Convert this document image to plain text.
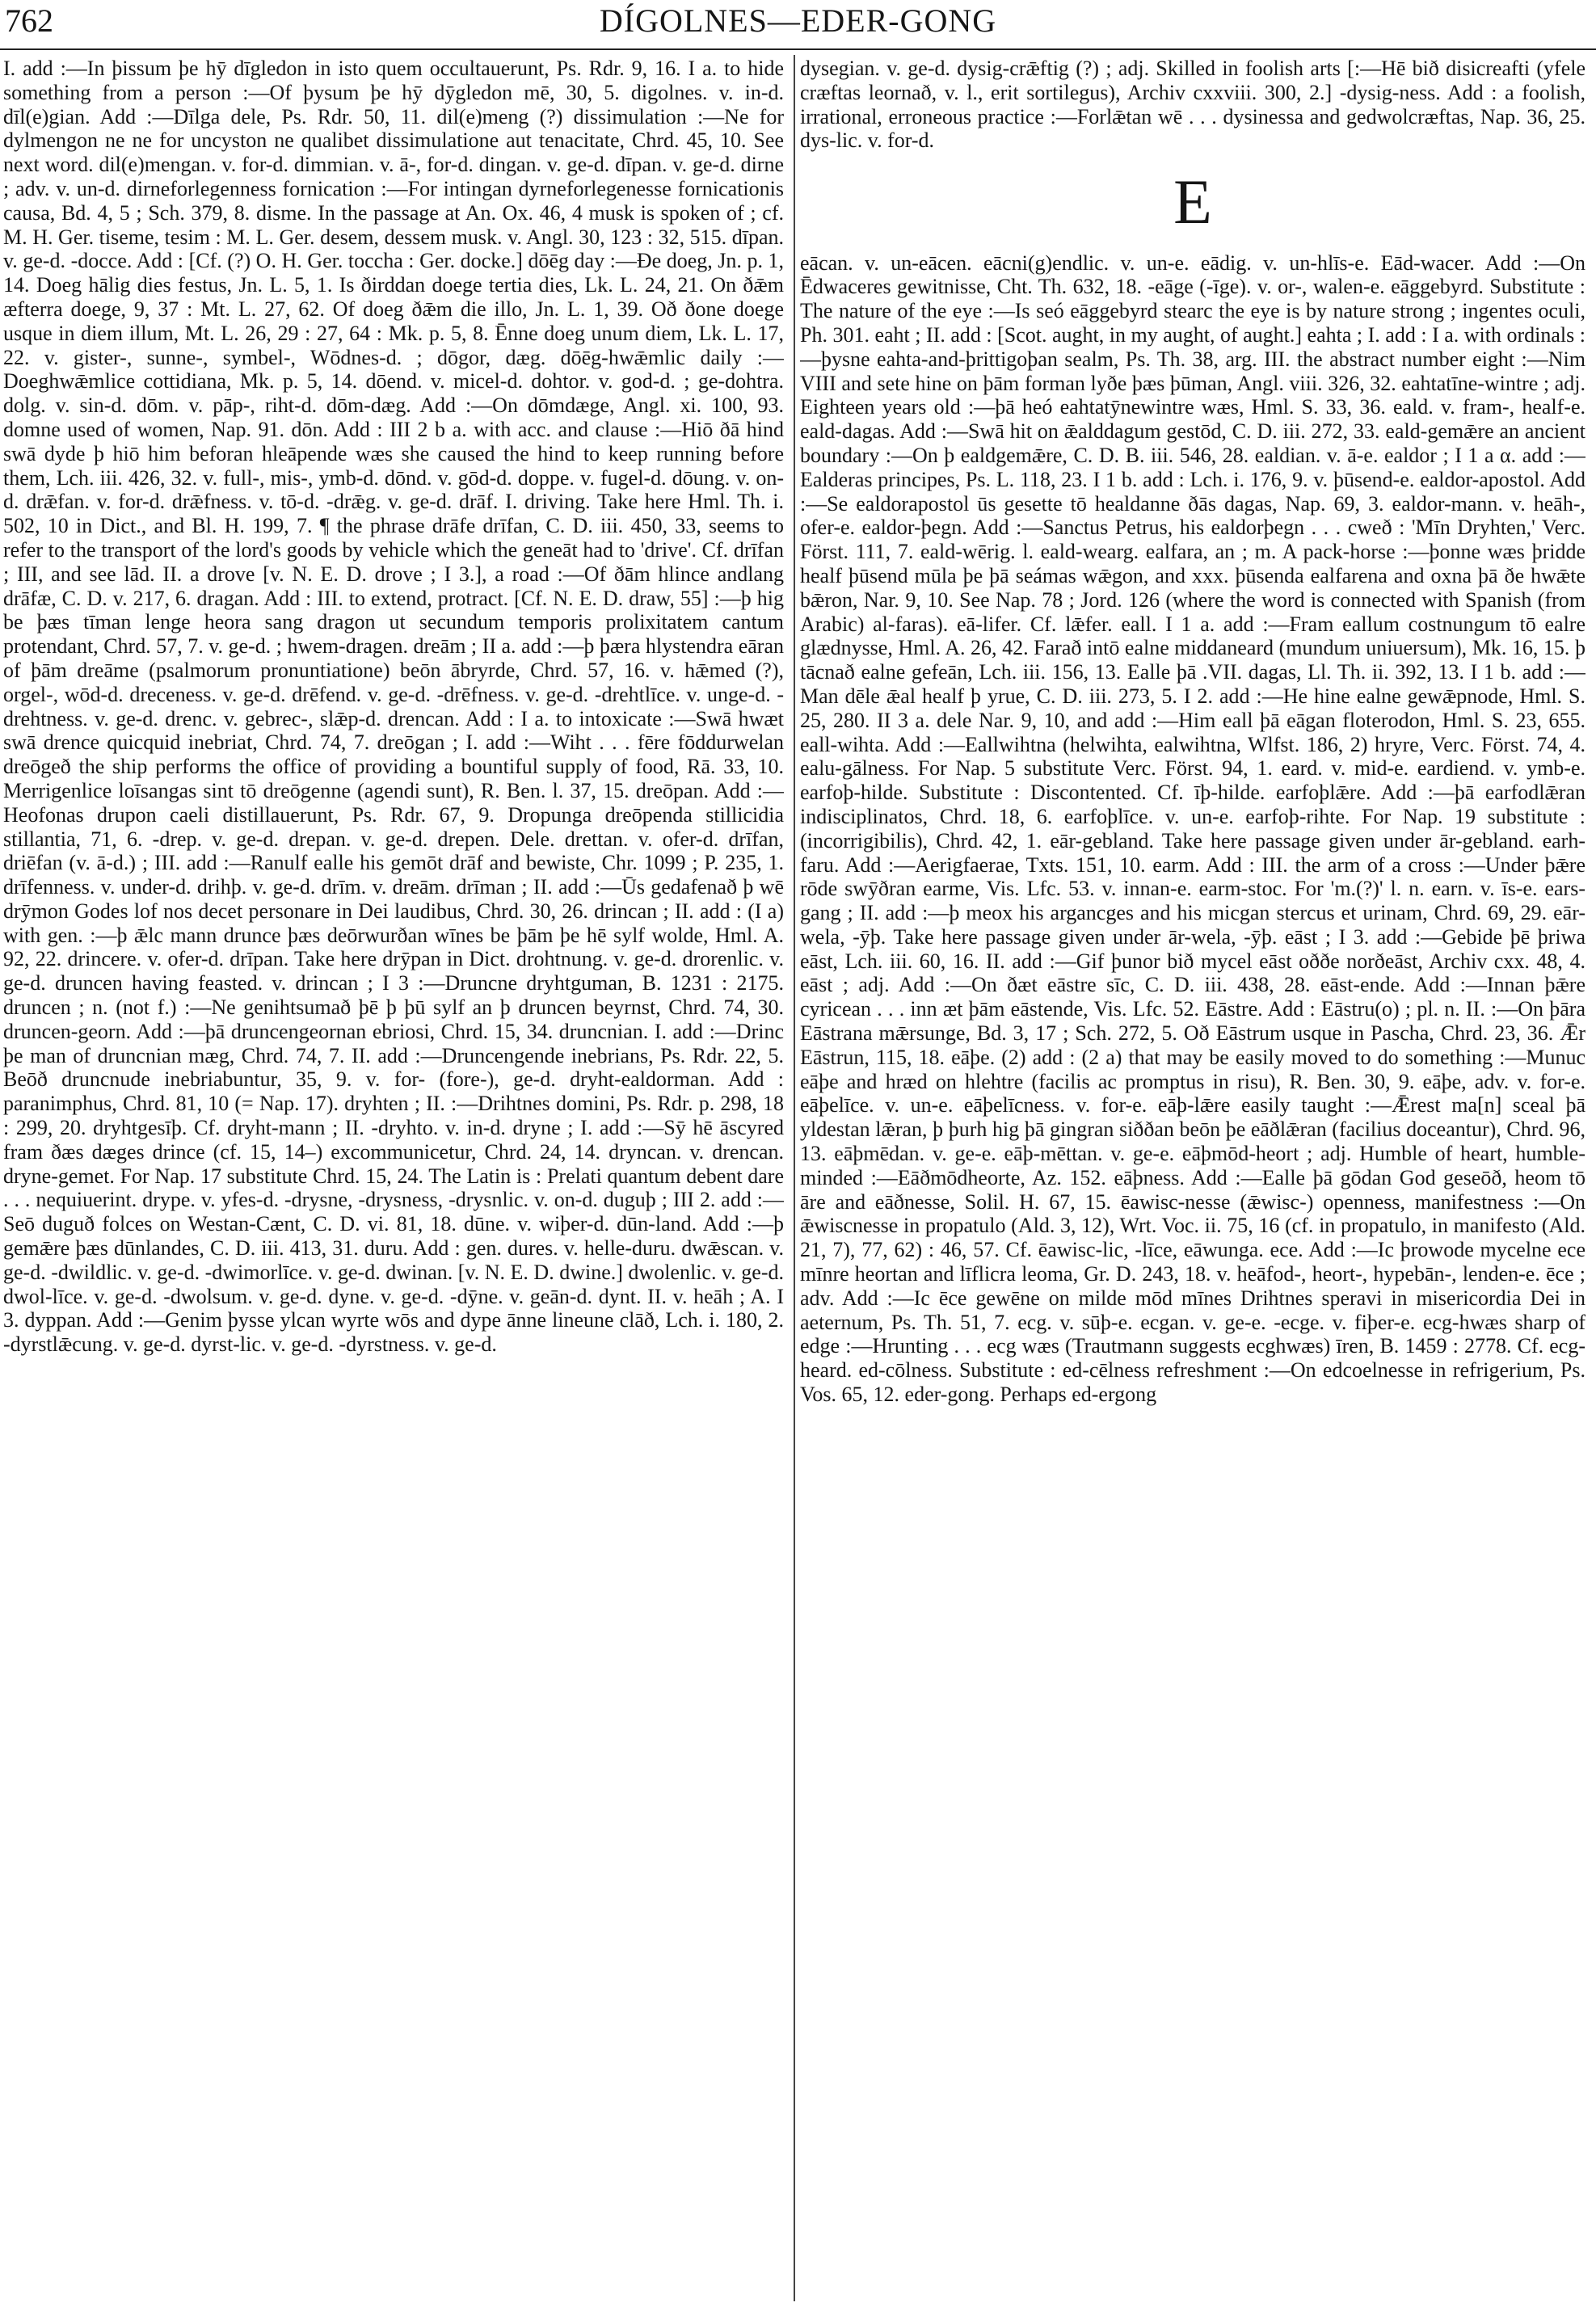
762	DÍGOLNES—EDER-GONG

I. add :—In þissum þe hȳ dīgledon in isto quem occultauerunt, Ps. Rdr. 9, 16. I a. to hide something from a person :—Of þysum þe hȳ dȳgledon mē, 30, 5. digolnes. v. in-d. dīl(e)gian. Add :—Dīlga dele, Ps. Rdr. 50, 11. dil(e)meng (?) dissimulation :—Ne for dylmengon ne ne for uncyston ne qualibet dissimulatione aut tenacitate, Chrd. 45, 10. See next word. dil(e)mengan. v. for-d. dimmian. v. ā-, for-d. dingan. v. ge-d. dīpan. v. ge-d. dirne ; adv. v. un-d. dirneforlegenness fornication :—For intingan dyrneforlegenesse fornicationis causa, Bd. 4, 5 ; Sch. 379, 8. disme. In the passage at An. Ox. 46, 4 musk is spoken of ; cf. M. H. Ger. tiseme, tesim : M. L. Ger. desem, dessem musk. v. Angl. 30, 123 : 32, 515. dīpan. v. ge-d. -docce. Add : [Cf. (?) O. H. Ger. toccha : Ger. docke.] dōēg day :—Ðe doeg, Jn. p. 1, 14. Doeg hālig dies festus, Jn. L. 5, 1. Is ðirddan doege tertia dies, Lk. L. 24, 21. On ðǣm æfterra doege, 9, 37 : Mt. L. 27, 62. Of doeg ðǣm die illo, Jn. L. 1, 39. Oð ðone doege usque in diem illum, Mt. L. 26, 29 : 27, 64 : Mk. p. 5, 8. Ēnne doeg unum diem, Lk. L. 17, 22. v. gister-, sunne-, symbel-, Wōdnes-d. ; dōgor, dæg. dōēg-hwǣmlic daily :—Doeghwǣmlice cottidiana, Mk. p. 5, 14. dōend. v. micel-d. dohtor. v. god-d. ; ge-dohtra. dolg. v. sin-d. dōm. v. pāp-, riht-d. dōm-dæg. Add :—On dōmdæge, Angl. xi. 100, 93. domne used of women, Nap. 91. dōn. Add : III 2 b a. with acc. and clause :—Hiō ðā hind swā dyde þ hiō him beforan hleāpende wæs she caused the hind to keep running before them, Lch. iii. 426, 32. v. full-, mis-, ymb-d. dōnd. v. gōd-d. doppe. v. fugel-d. dōung. v. on-d. drǣfan. v. for-d. drǣfness. v. tō-d. -drǣg. v. ge-d. drāf. I. driving. Take here Hml. Th. i. 502, 10 in Dict., and Bl. H. 199, 7. ¶ the phrase drāfe drīfan, C. D. iii. 450, 33, seems to refer to the transport of the lord's goods by vehicle which the geneāt had to 'drive'. Cf. drīfan ; III, and see lād. II. a drove [v. N. E. D. drove ; I 3.], a road :—Of ðām hlince andlang drāfæ, C. D. v. 217, 6. dragan. Add : III. to extend, protract. [Cf. N. E. D. draw, 55] :—þ hig be þæs tīman lenge heora sang dragon ut secundum temporis prolixitatem cantum protendant, Chrd. 57, 7. v. ge-d. ; hwem-dragen. dreām ; II a. add :—þ þæra hlystendra eāran of þām dreāme (psalmorum pronuntiatione) beōn ābryrde, Chrd. 57, 16. v. hǣmed (?), orgel-, wōd-d. dreceness. v. ge-d. drēfend. v. ge-d. -drēfness. v. ge-d. -drehtlīce. v. unge-d. -drehtness. v. ge-d. drenc. v. gebrec-, slǣp-d. drencan. Add : I a. to intoxicate :—Swā hwæt swā drence quicquid inebriat, Chrd. 74, 7. dreōgan ; I. add :—Wiht . . . fēre fōddurwelan dreōgeð the ship performs the office of providing a bountiful supply of food, Rā. 33, 10. Merrigenlice loīsangas sint tō dreōgenne (agendi sunt), R. Ben. l. 37, 15. dreōpan. Add :—Heofonas drupon caeli distillauerunt, Ps. Rdr. 67, 9. Dropunga dreōpenda stillicidia stillantia, 71, 6. -drep. v. ge-d. drepan. v. ge-d. drepen. Dele. drettan. v. ofer-d. drīfan, driēfan (v. ā-d.) ; III. add :—Ranulf ealle his gemōt drāf and bewiste, Chr. 1099 ; P. 235, 1. drīfenness. v. under-d. drihþ. v. ge-d. drīm. v. dreām. drīman ; II. add :—Ūs gedafenað þ wē drȳmon Godes lof nos decet personare in Dei laudibus, Chrd. 30, 26. drincan ; II. add : (I a) with gen. :—þ ǣlc mann drunce þæs deōrwurðan wīnes be þām þe hē sylf wolde, Hml. A. 92, 22. drincere. v. ofer-d. drīpan. Take here drȳpan in Dict. drohtnung. v. ge-d. drorenlic. v. ge-d. druncen having feasted. v. drincan ; I 3 :—Druncne dryhtguman, B. 1231 : 2175. druncen ; n. (not f.) :—Ne genihtsumað þē þ þū sylf an þ druncen beyrnst, Chrd. 74, 30. druncen-georn. Add :—þā druncengeornan ebriosi, Chrd. 15, 34. druncnian. I. add :—Drinc þe man of druncnian mæg, Chrd. 74, 7. II. add :—Druncengende inebrians, Ps. Rdr. 22, 5. Beōð druncnude inebriabuntur, 35, 9. v. for- (fore-), ge-d. dryht-ealdorman. Add : paranimphus, Chrd. 81, 10 (= Nap. 17). dryhten ; II. :—Drihtnes domini, Ps. Rdr. p. 298, 18 : 299, 20. dryhtgesīþ. Cf. dryht-mann ; II. -dryhto. v. in-d. dryne ; I. add :—Sȳ hē āscyred fram ðæs dæges drince (cf. 15, 14–) excommunicetur, Chrd. 24, 14. dryncan. v. drencan. dryne-gemet. For Nap. 17 substitute Chrd. 15, 24. The Latin is : Prelati quantum debent dare . . . nequiuerint. drype. v. yfes-d. -drysne, -drysness, -drysnlic. v. on-d. duguþ ; III 2. add :—Seō duguð folces on Westan-Cænt, C. D. vi. 81, 18. dūne. v. wiþer-d. dūn-land. Add :—þ gemǣre þæs dūnlandes, C. D. iii. 413, 31. duru. Add : gen. dures. v. helle-duru. dwǣscan. v. ge-d. -dwildlic. v. ge-d. -dwimorlīce. v. ge-d. dwinan. [v. N. E. D. dwine.] dwolenlic. v. ge-d. dwol-līce. v. ge-d. -dwolsum. v. ge-d. dyne. v. ge-d. -dȳne. v. geān-d. dynt. II. v. heāh ; A. I 3. dyppan. Add :—Genim þysse ylcan wyrte wōs and dype ānne lineune clāð, Lch. i. 180, 2. -dyrstlǣcung. v. ge-d. dyrst-lic. v. ge-d. -dyrstness. v. ge-d.

dysegian. v. ge-d. dysig-crǣftig (?) ; adj. Skilled in foolish arts [:—Hē bið disicreafti (yfele cræftas leornað, v. l., erit sortilegus), Archiv cxxviii. 300, 2.] -dysig-ness. Add : a foolish, irrational, erroneous practice :—Forlǣtan wē . . . dysinessa and gedwolcræftas, Nap. 36, 25. dys-lic. v. for-d.

E

eācan. v. un-eācen. eācni(g)endlic. v. un-e. eādig. v. un-hlīs-e. Eād-wacer. Add :—On Ēdwaceres gewitnisse, Cht. Th. 632, 18. -eāge (-īge). v. or-, walen-e. eāggebyrd. Substitute : The nature of the eye :—Is seó eāggebyrd stearc the eye is by nature strong ; ingentes oculi, Ph. 301. eaht ; II. add : [Scot. aught, in my aught, of aught.] eahta ; I. add : I a. with ordinals :—þysne eahta-and-þrittigoþan sealm, Ps. Th. 38, arg. III. the abstract number eight :—Nim VIII and sete hine on þām forman lyðe þæs þūman, Angl. viii. 326, 32. eahtatīne-wintre ; adj. Eighteen years old :—þā heó eahtatȳnewintre wæs, Hml. S. 33, 36. eald. v. fram-, healf-e. eald-dagas. Add :—Swā hit on ǣalddagum gestōd, C. D. iii. 272, 33. eald-gemǣre an ancient boundary :—On þ ealdgemǣre, C. D. B. iii. 546, 28. ealdian. v. ā-e. ealdor ; I 1 a α. add :—Ealderas principes, Ps. L. 118, 23. I 1 b. add : Lch. i. 176, 9. v. þūsend-e. ealdor-apostol. Add :—Se ealdorapostol ūs gesette tō healdanne ðās dagas, Nap. 69, 3. ealdor-mann. v. heāh-, ofer-e. ealdor-þegn. Add :—Sanctus Petrus, his ealdorþegn . . . cweð : 'Mīn Dryhten,' Verc. Först. 111, 7. eald-wērig. l. eald-wearg. ealfara, an ; m. A pack-horse :—þonne wæs þridde healf þūsend mūla þe þā seámas wǣgon, and xxx. þūsenda ealfarena and oxna þā ðe hwǣte bǣron, Nar. 9, 10. See Nap. 78 ; Jord. 126 (where the word is connected with Spanish (from Arabic) al-faras). eā-lifer. Cf. lǣfer. eall. I 1 a. add :—Fram eallum costnungum tō ealre glædnysse, Hml. A. 26, 42. Farað intō ealne middaneard (mundum uniuersum), Mk. 16, 15. þ tācnað ealne gefeān, Lch. iii. 156, 13. Ealle þā .VII. dagas, Ll. Th. ii. 392, 13. I 1 b. add :—Man dēle ǣal healf þ yrue, C. D. iii. 273, 5. I 2. add :—He hine ealne gewǣpnode, Hml. S. 25, 280. II 3 a. dele Nar. 9, 10, and add :—Him eall þā eāgan floterodon, Hml. S. 23, 655. eall-wihta. Add :—Eallwihtna (helwihta, ealwihtna, Wlfst. 186, 2) hryre, Verc. Först. 74, 4. ealu-gālness. For Nap. 5 substitute Verc. Först. 94, 1. eard. v. mid-e. eardiend. v. ymb-e. earfoþ-hilde. Substitute : Discontented. Cf. īþ-hilde. earfoþlǣre. Add :—þā earfodlǣran indisciplinatos, Chrd. 18, 6. earfoþlīce. v. un-e. earfoþ-rihte. For Nap. 19 substitute : (incorrigibilis), Chrd. 42, 1. eār-gebland. Take here passage given under ār-gebland. earh-faru. Add :—Aerigfaerae, Txts. 151, 10. earm. Add : III. the arm of a cross :—Under þǣre rōde swȳðran earme, Vis. Lfc. 53. v. innan-e. earm-stoc. For 'm.(?)' l. n. earn. v. īs-e. ears-gang ; II. add :—þ meox his argancges and his micgan stercus et urinam, Chrd. 69, 29. eār-wela, -ȳþ. Take here passage given under ār-wela, -ȳþ. eāst ; I 3. add :—Gebide þē þriwa eāst, Lch. iii. 60, 16. II. add :—Gif þunor bið mycel eāst oððe norðeāst, Archiv cxx. 48, 4. eāst ; adj. Add :—On ðæt eāstre sīc, C. D. iii. 438, 28. eāst-ende. Add :—Innan þǣre cyricean . . . inn æt þām eāstende, Vis. Lfc. 52. Eāstre. Add : Eāstru(o) ; pl. n. II. :—On þāra Eāstrana mǣrsunge, Bd. 3, 17 ; Sch. 272, 5. Oð Eāstrum usque in Pascha, Chrd. 23, 36. Ǣr Eāstrun, 115, 18. eāþe. (2) add : (2 a) that may be easily moved to do something :—Munuc eāþe and hræd on hlehtre (facilis ac promptus in risu), R. Ben. 30, 9. eāþe, adv. v. for-e. eāþelīce. v. un-e. eāþelīcness. v. for-e. eāþ-lǣre easily taught :—Ǣrest ma[n] sceal þā yldestan lǣran, þ þurh hig þā gingran siððan beōn þe eāðlǣran (facilius doceantur), Chrd. 96, 13. eāþmēdan. v. ge-e. eāþ-mēttan. v. ge-e. eāþmōd-heort ; adj. Humble of heart, humble-minded :—Eāðmōdheorte, Az. 152. eāþness. Add :—Ealle þā gōdan God geseōð, heom tō āre and eāðnesse, Solil. H. 67, 15. ēawisc-nesse (ǣwisc-) openness, manifestness :—On ǣwiscnesse in propatulo (Ald. 3, 12), Wrt. Voc. ii. 75, 16 (cf. in propatulo, in manifesto (Ald. 21, 7), 77, 62) : 46, 57. Cf. ēawisc-lic, -līce, eāwunga. ece. Add :—Ic þrowode mycelne ece mīnre heortan and līflicra leoma, Gr. D. 243, 18. v. heāfod-, heort-, hypebān-, lenden-e. ēce ; adv. Add :—Ic ēce gewēne on milde mōd mīnes Drihtnes speravi in misericordia Dei in aeternum, Ps. Th. 51, 7. ecg. v. sūþ-e. ecgan. v. ge-e. -ecge. v. fiþer-e. ecg-hwæs sharp of edge :—Hrunting . . . ecg wæs (Trautmann suggests ecghwæs) īren, B. 1459 : 2778. Cf. ecg-heard. ed-cōlness. Substitute : ed-cēlness refreshment :—On edcoelnesse in refrigerium, Ps. Vos. 65, 12. eder-gong. Perhaps ed-ergong
